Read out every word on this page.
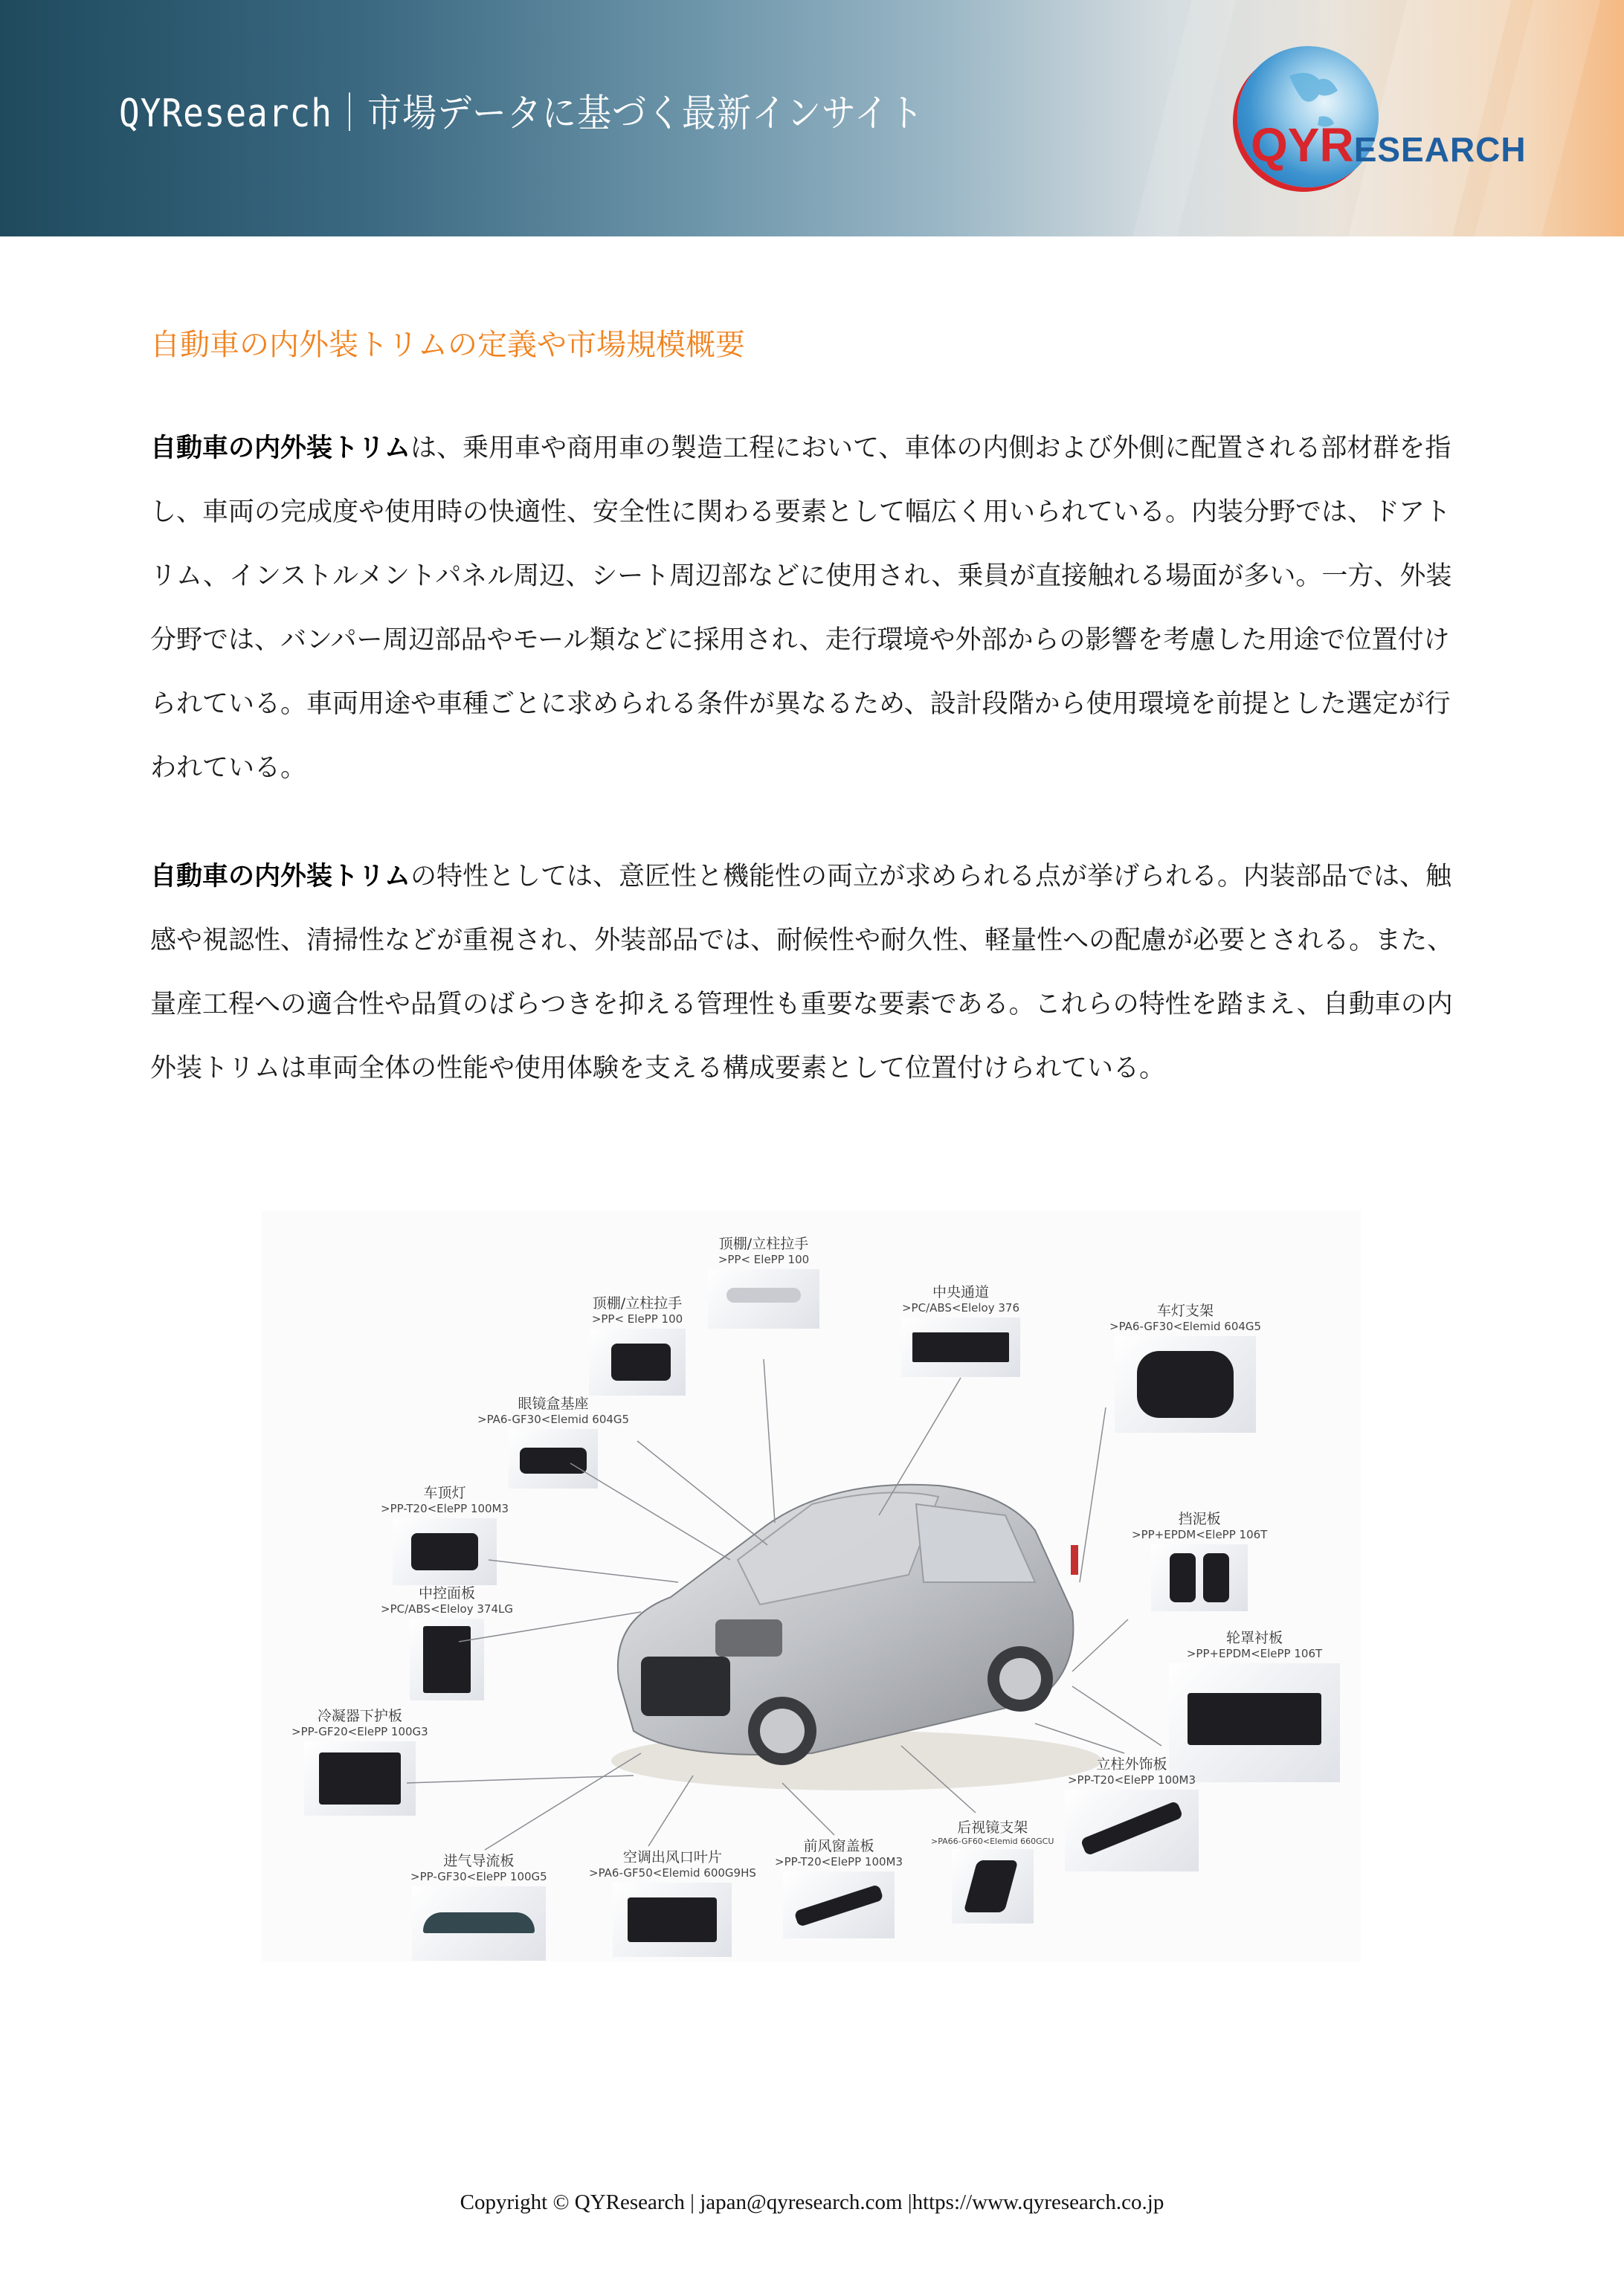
QYResearch｜市場データに基づく最新インサイト
QYRESEARCH
自動車の内外装トリムの定義や市場規模概要
自動車の内外装トリムは、乗用車や商用車の製造工程において、車体の内側および外側に配置される部材群を指し、車両の完成度や使用時の快適性、安全性に関わる要素として幅広く用いられている。内装分野では、ドアトリム、インストルメントパネル周辺、シート周辺部などに使用され、乗員が直接触れる場面が多い。一方、外装分野では、バンパー周辺部品やモール類などに採用され、走行環境や外部からの影響を考慮した用途で位置付けられている。車両用途や車種ごとに求められる条件が異なるため、設計段階から使用環境を前提とした選定が行われている。
自動車の内外装トリムの特性としては、意匠性と機能性の両立が求められる点が挙げられる。内装部品では、触感や視認性、清掃性などが重視され、外装部品では、耐候性や耐久性、軽量性への配慮が必要とされる。また、量産工程への適合性や品質のばらつきを抑える管理性も重要な要素である。これらの特性を踏まえ、自動車の内外装トリムは車両全体の性能や使用体験を支える構成要素として位置付けられている。
顶棚/立柱拉手
>PP< ElePP 100
中央通道
>PC/ABS<Eleloy 376
顶棚/立柱拉手
>PP< ElePP 100	车灯支架
>PA6-GF30<Elemid 604G5
眼镜盒基座
>PA6-GF30<Elemid 604G5
车顶灯
>PP-T20<ElePP 100M3
挡泥板
>PP+EPDM<ElePP 106T
中控面板
>PC/ABS<Eleloy 374LG
轮罩衬板
>PP+EPDM<ElePP 106T
冷凝器下护板
>PP-GF20<ElePP 100G3
立柱外饰板
>PP-T20<ElePP 100M3
后视镜支架
>PA66-GF60<Elemid 660GCU
进气导流板
>PP-GF30<ElePP 100G5
空调出风口叶片
>PA6-GF50<Elemid 600G9HS
前风窗盖板
>PP-T20<ElePP 100M3
Copyright © QYResearch | japan@qyresearch.com |https://www.qyresearch.co.jp
